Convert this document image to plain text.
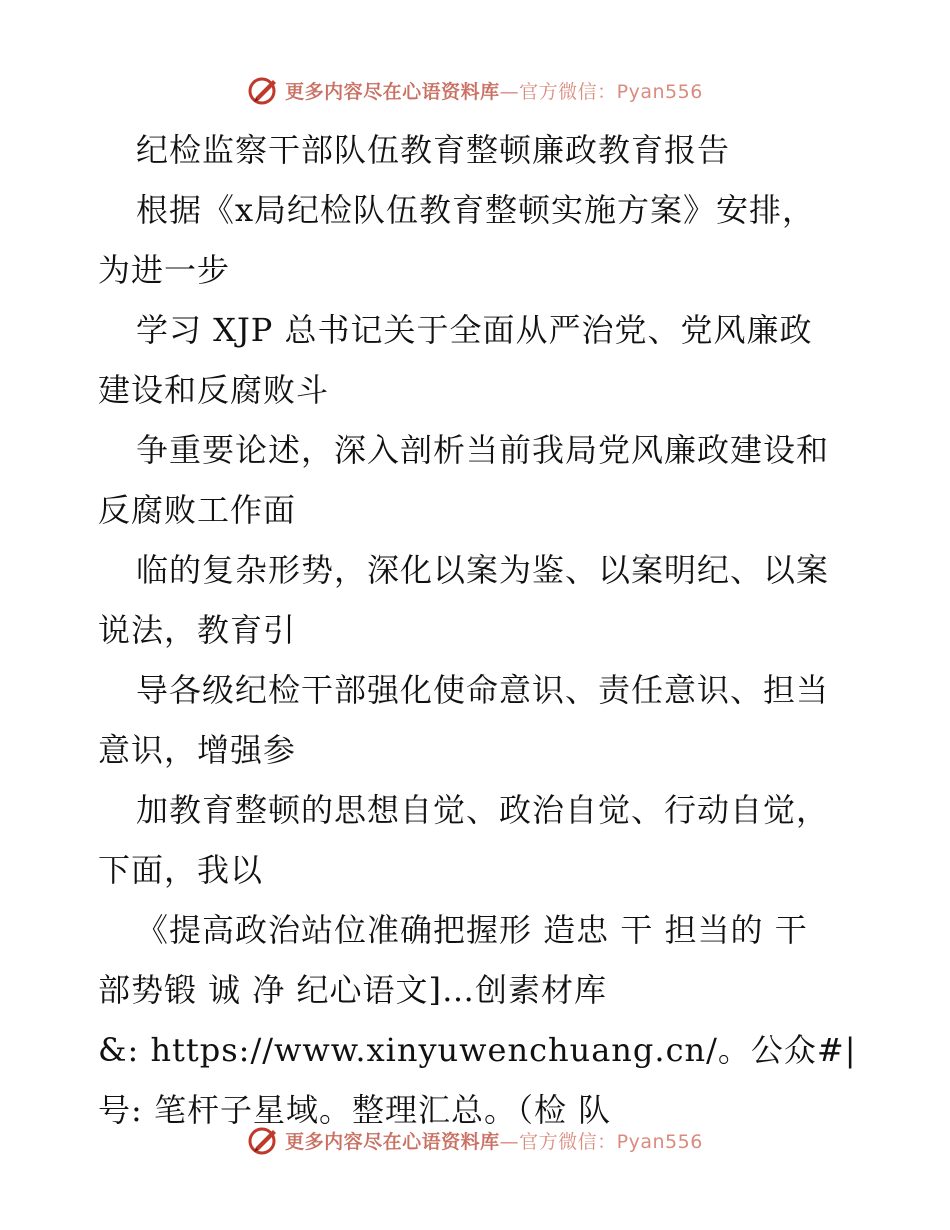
更多内容尽在心语资料库—官方微信：Pyan556
纪检监察干部队伍教育整顿廉政教育报告
根据《x局纪检队伍教育整顿实施方案》安排，
为进一步
学习 XJP 总书记关于全面从严治党、党风廉政
建设和反腐败斗
争重要论述，深入剖析当前我局党风廉政建设和
反腐败工作面
临的复杂形势，深化以案为鉴、以案明纪、以案
说法，教育引
导各级纪检干部强化使命意识、责任意识、担当
意识，增强参
加教育整顿的思想自觉、政治自觉、行动自觉，
下面，我以
《提高政治站位准确把握形 造忠 干 担当的 干
部势锻 诚 净 纪心语文]…创素材库
&: https://www.xinyuwenchuang.cn/。公众#|
号: 笔杆子星域。整理汇总。（检 队
更多内容尽在心语资料库—官方微信：Pyan556
